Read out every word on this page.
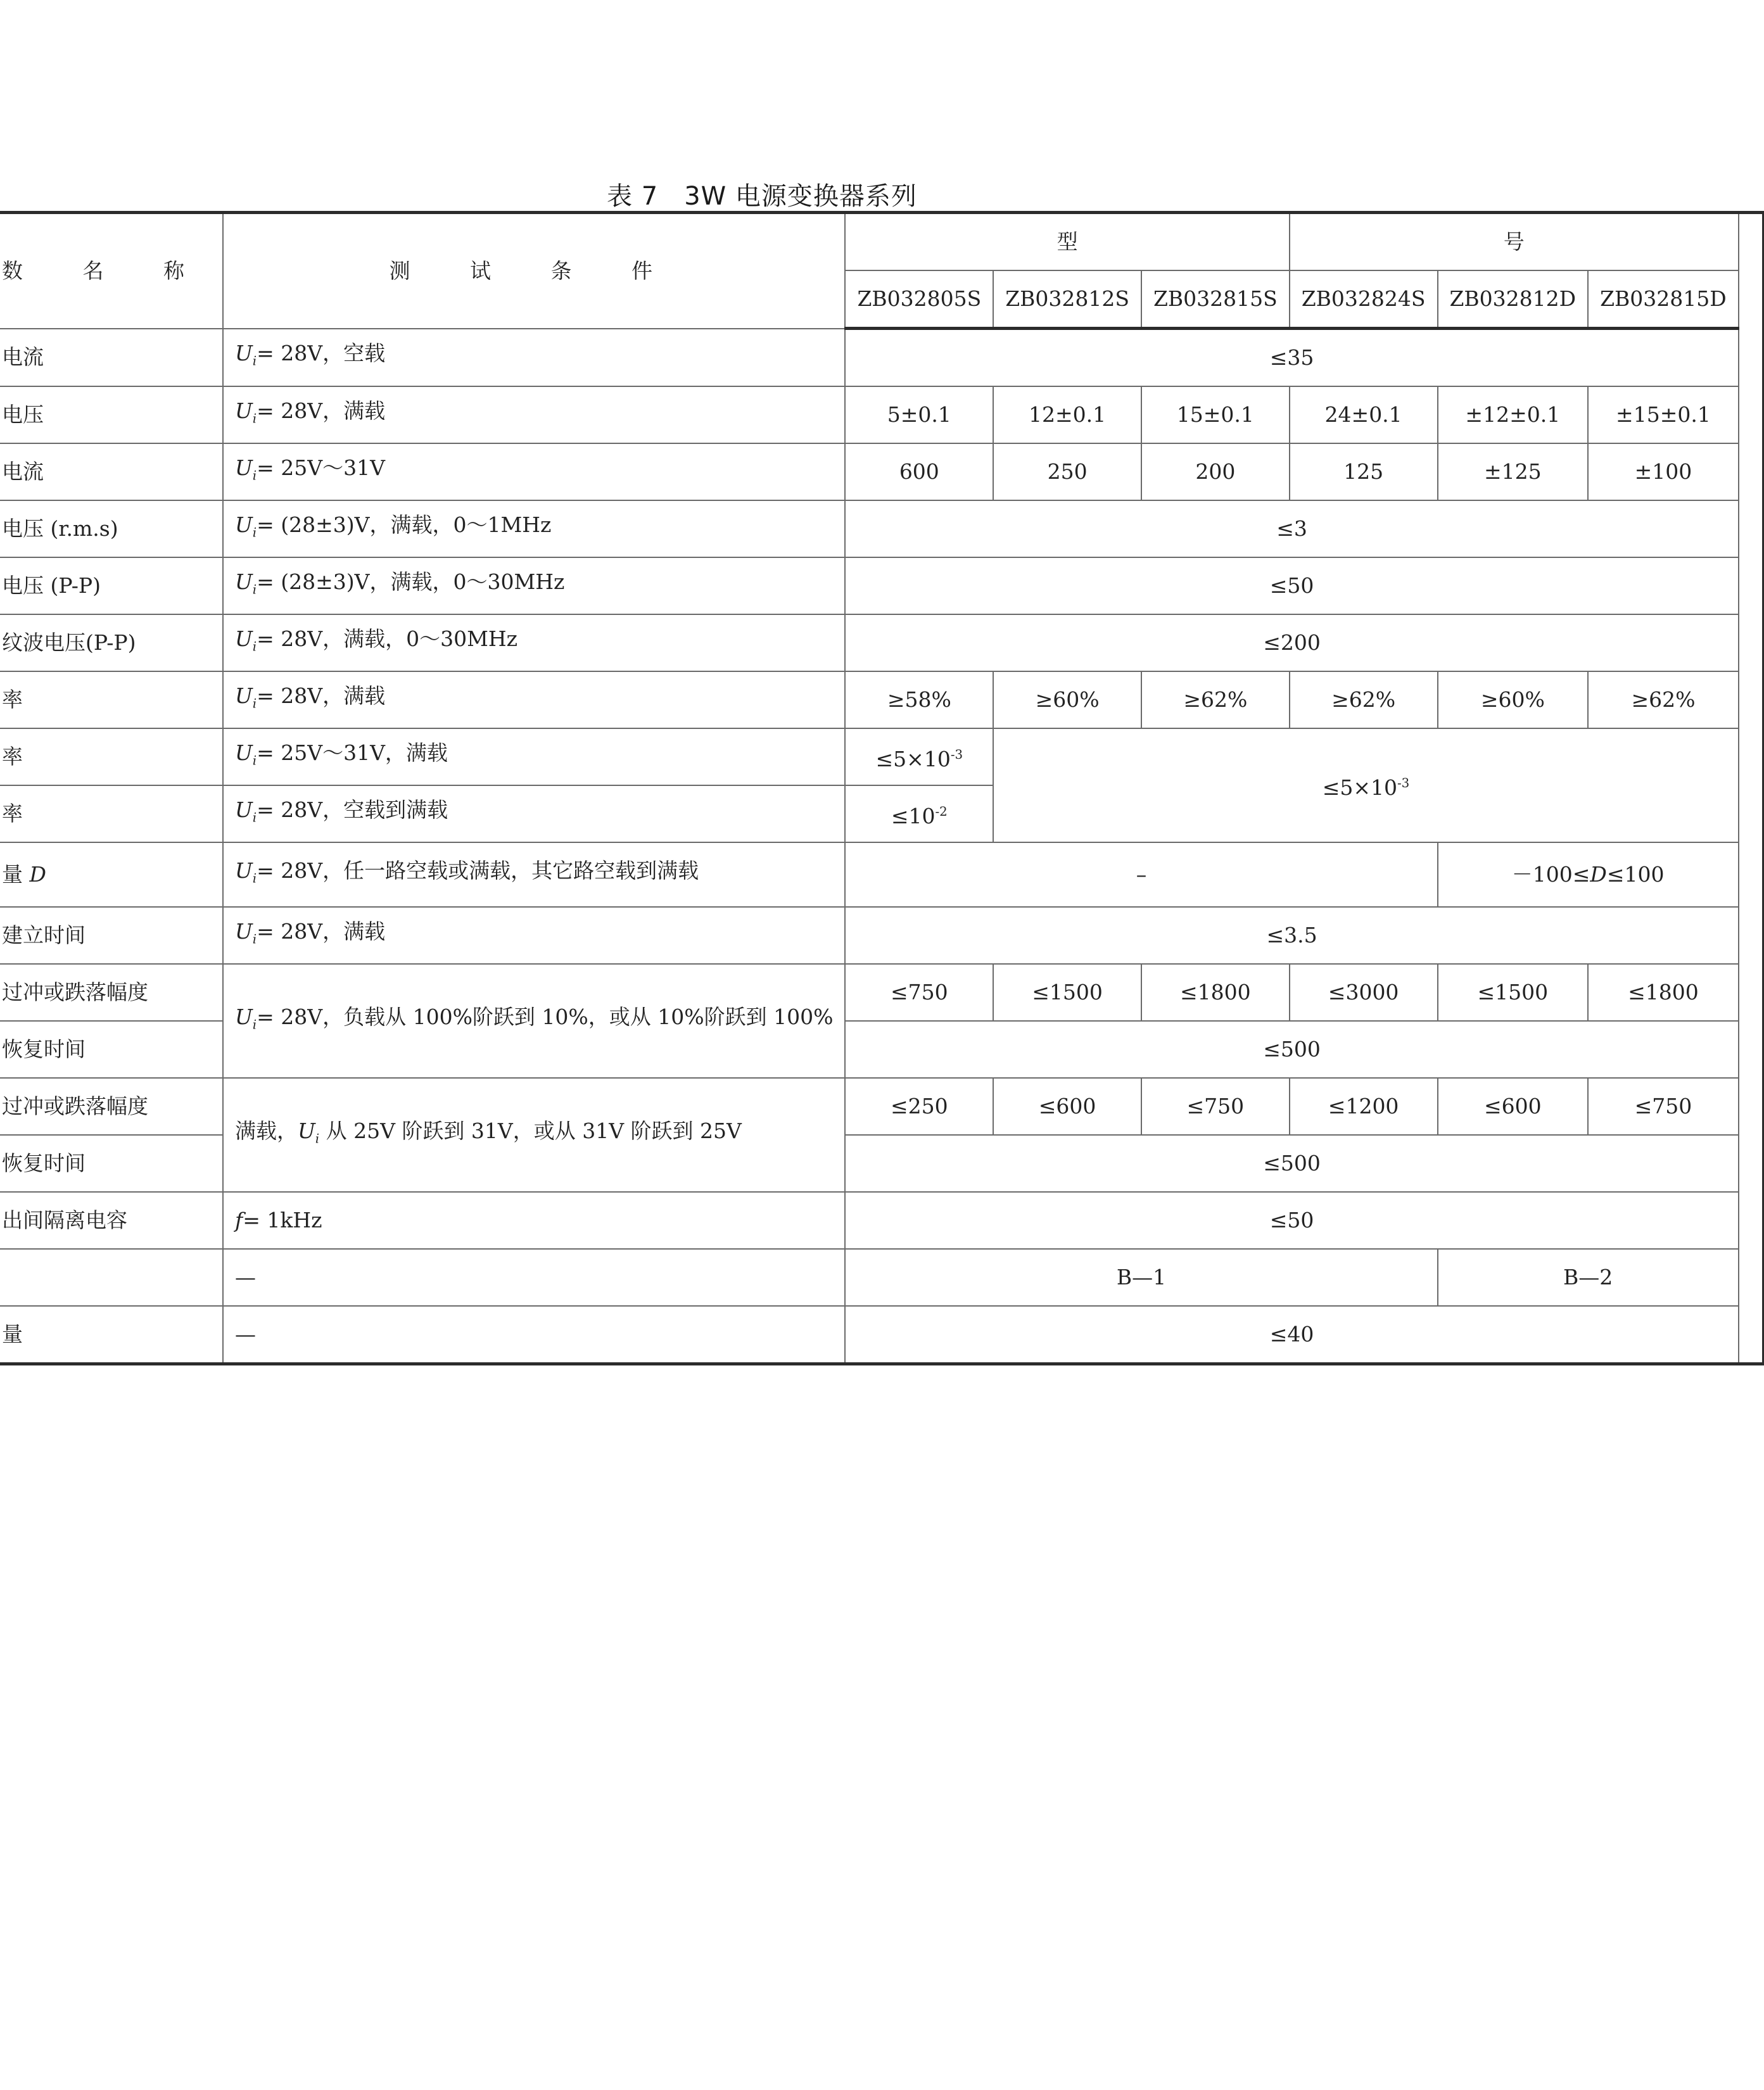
表 7　3W 电源变换器系列
数 名 称	测 试 条 件	型			号			
		ZB032805S	ZB032812S	ZB032815S	ZB032824S	ZB032812D	ZB032815D	
电流	$U_i= 28V$，空载	≤35						
电压	$U_i= 28V$，满载	5±0.1	12±0.1	15±0.1	24±0.1	±12±0.1	±15±0.1	
电流	$U_i=$ 25V～31V	600	250	200	125	±125	±100	
电压 (r.m.s)	$U_i= (28\pm 3)V$，满载，0～1MHz	≤3						
电压 (P-P)	$U_i= (28\pm 3)V$，满载，0～30MHz	≤50						
纹波电压(P-P)	$U_i= 28V$，满载，0～30MHz	≤200						
率	$U_i= 28V$，满载	≥58%	≥60%	≥62%	≥62%	≥60%	≥62%	
率	$U_i=$ 25V～31V，满载	$\le 5\times 10^{-3}$	$\le 5\times 10^{-3}$
率	$U_i= 28V$，空载到满载	$\le 10^{-2}$
量 D	$U_i= 28V$，任一路空载或满载，其它路空载到满载	–				－100≤D≤100		
建立时间	$U_i= 28V$，满载	≤3.5						
过冲或跌落幅度	$U_i= 28V$，负载从 100%阶跃到 10%，或从 10%阶跃到 100%	≤750	≤1500	≤1800	≤3000	≤1500	≤1800	
恢复时间		≤500						
过冲或跌落幅度	满载，$U_i$ 从 25V 阶跃到 31V，或从 31V 阶跃到 25V	≤250	≤600	≤750	≤1200	≤600	≤750	
恢复时间		≤500						
出间隔离电容	f= 1kHz	≤50						
	—	B—1				B—2		
量	—	≤40						
